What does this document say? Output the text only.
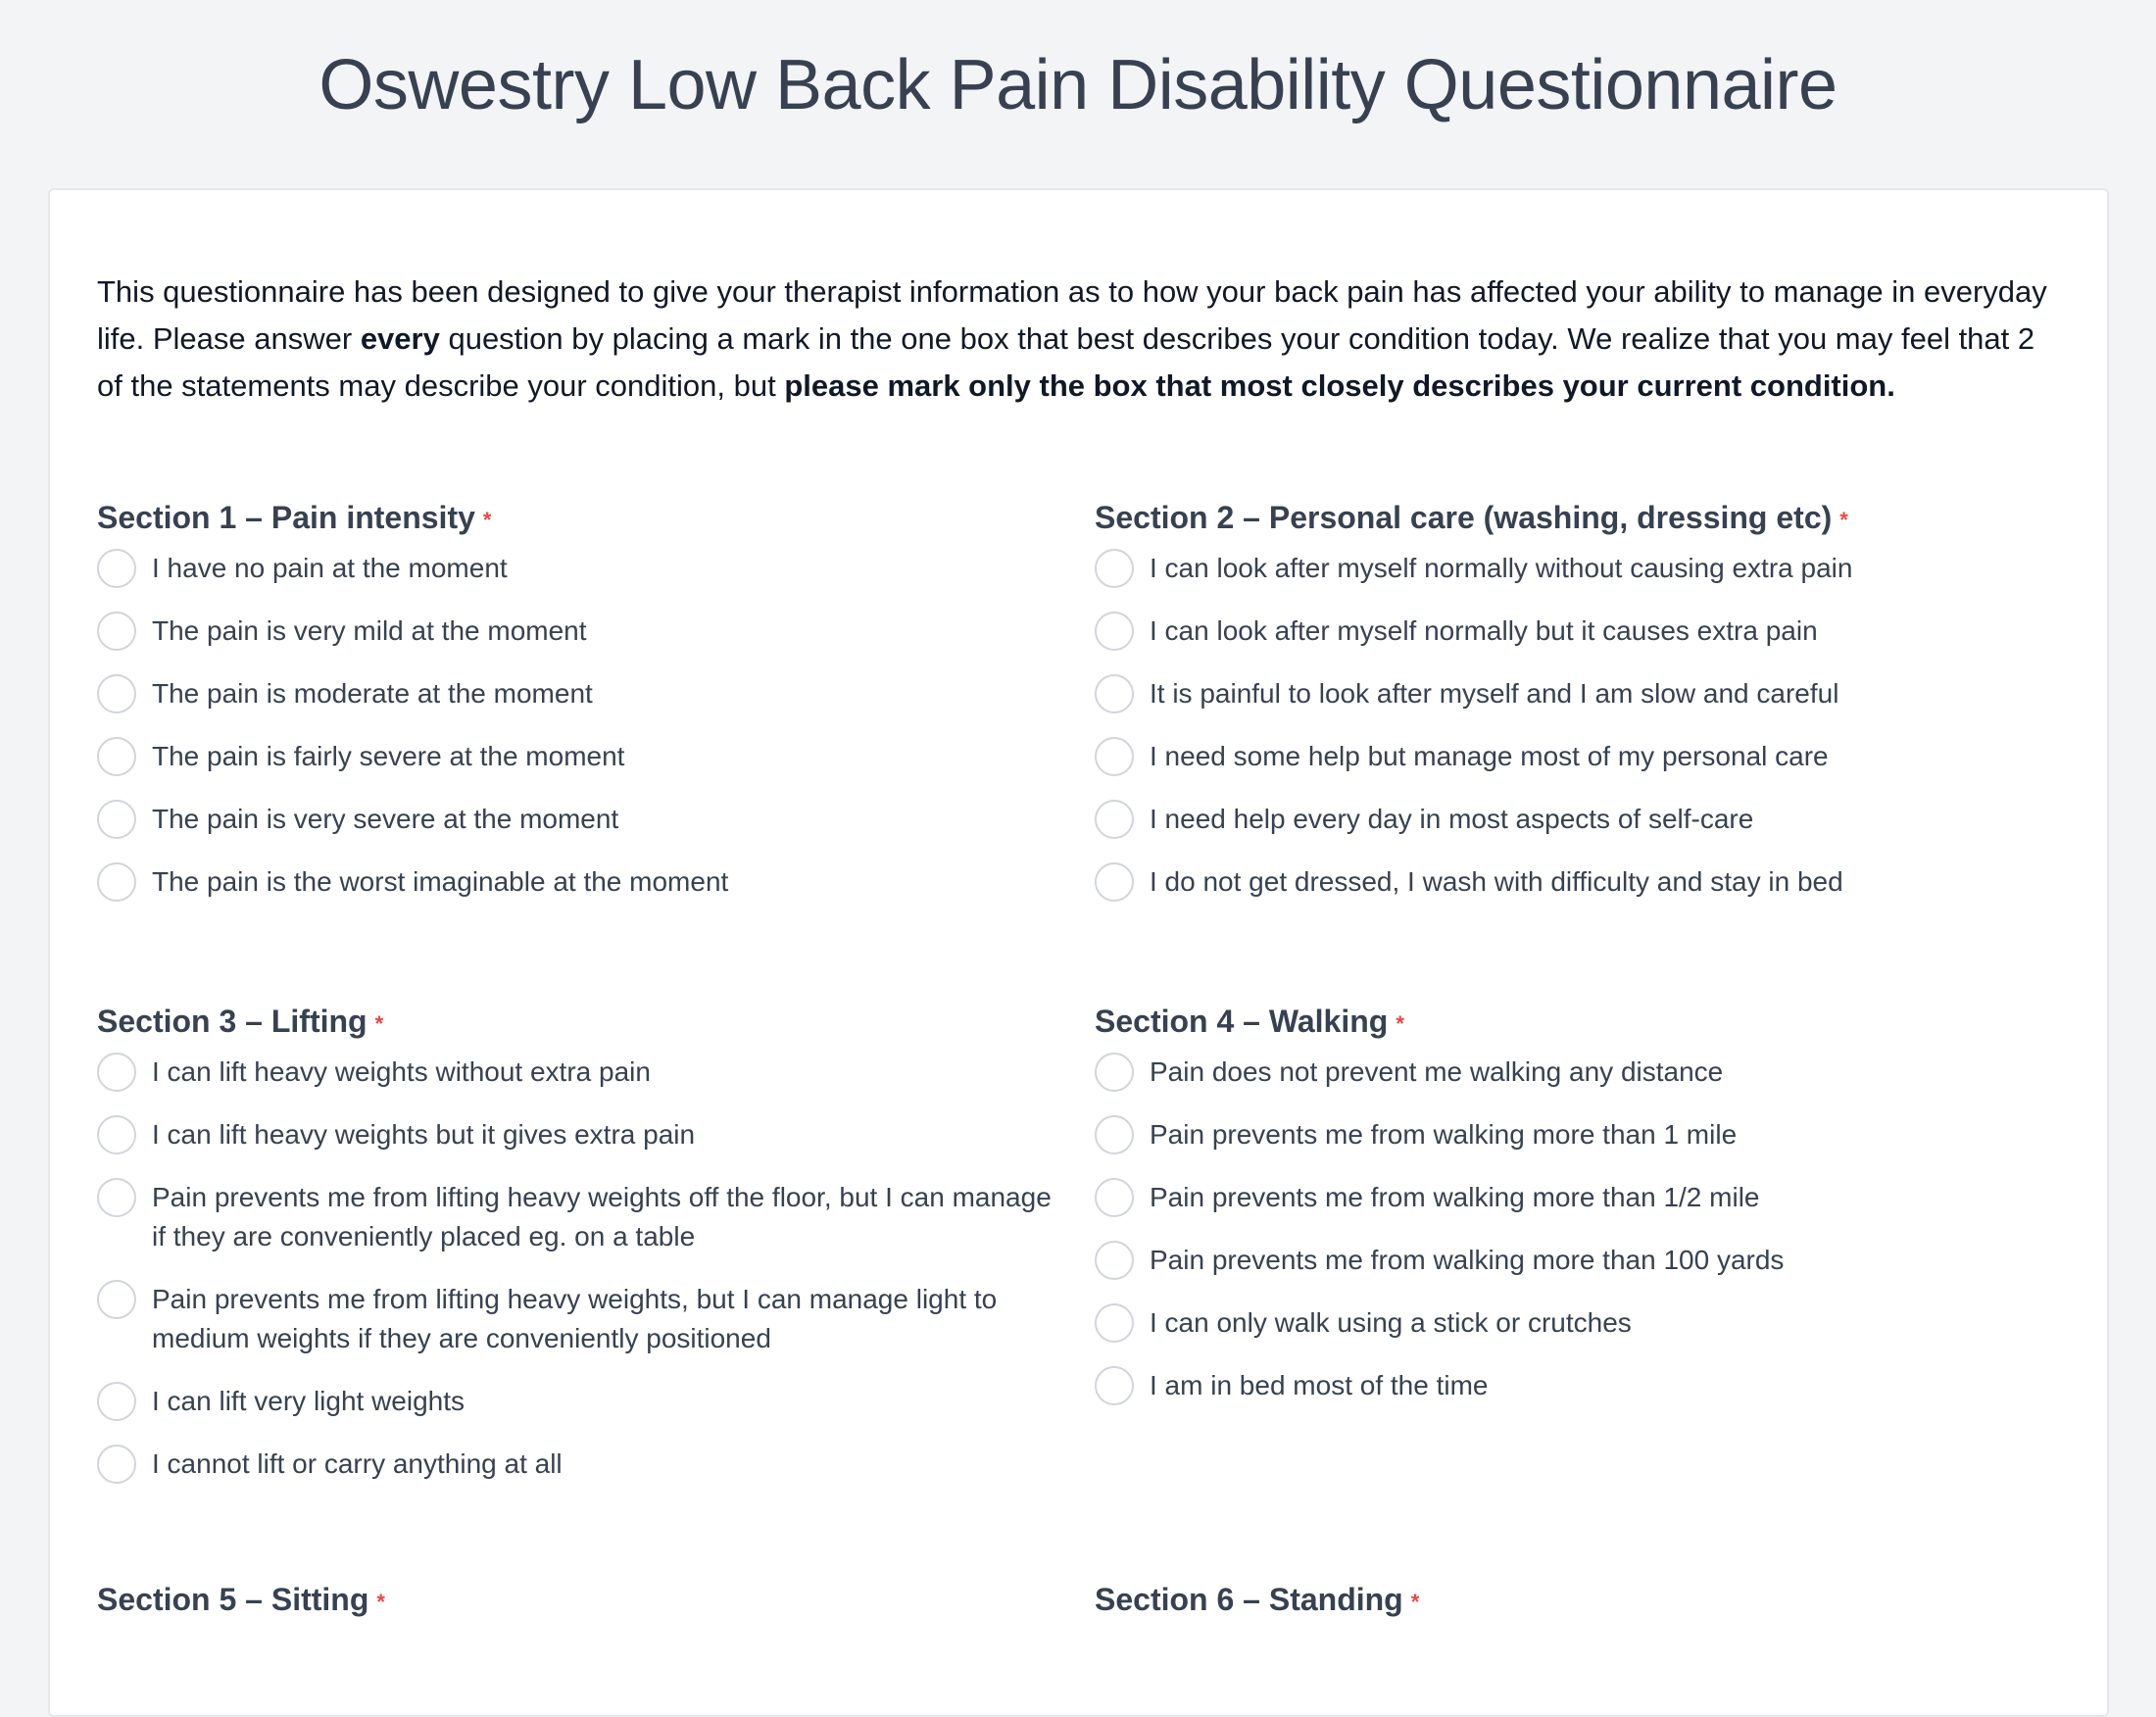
Oswestry Low Back Pain Disability Questionnaire

This questionnaire has been designed to give your therapist information as to how your back pain has affected your ability to manage in everyday life. Please answer every question by placing a mark in the one box that best describes your condition today. We realize that you may feel that 2 of the statements may describe your condition, but please mark only the box that most closely describes your current condition.

Section 1 – Pain intensity *
I have no pain at the moment
The pain is very mild at the moment
The pain is moderate at the moment
The pain is fairly severe at the moment
The pain is very severe at the moment
The pain is the worst imaginable at the moment
Section 2 – Personal care (washing, dressing etc) *
I can look after myself normally without causing extra pain
I can look after myself normally but it causes extra pain
It is painful to look after myself and I am slow and careful
I need some help but manage most of my personal care
I need help every day in most aspects of self-care
I do not get dressed, I wash with difficulty and stay in bed
Section 3 – Lifting *
I can lift heavy weights without extra pain
I can lift heavy weights but it gives extra pain
Pain prevents me from lifting heavy weights off the floor, but I can manage if they are conveniently placed eg. on a table
Pain prevents me from lifting heavy weights, but I can manage light to medium weights if they are conveniently positioned
I can lift very light weights
I cannot lift or carry anything at all
Section 4 – Walking *
Pain does not prevent me walking any distance
Pain prevents me from walking more than 1 mile
Pain prevents me from walking more than 1/2 mile
Pain prevents me from walking more than 100 yards
I can only walk using a stick or crutches
I am in bed most of the time
Section 5 – Sitting *	Section 6 – Standing *
